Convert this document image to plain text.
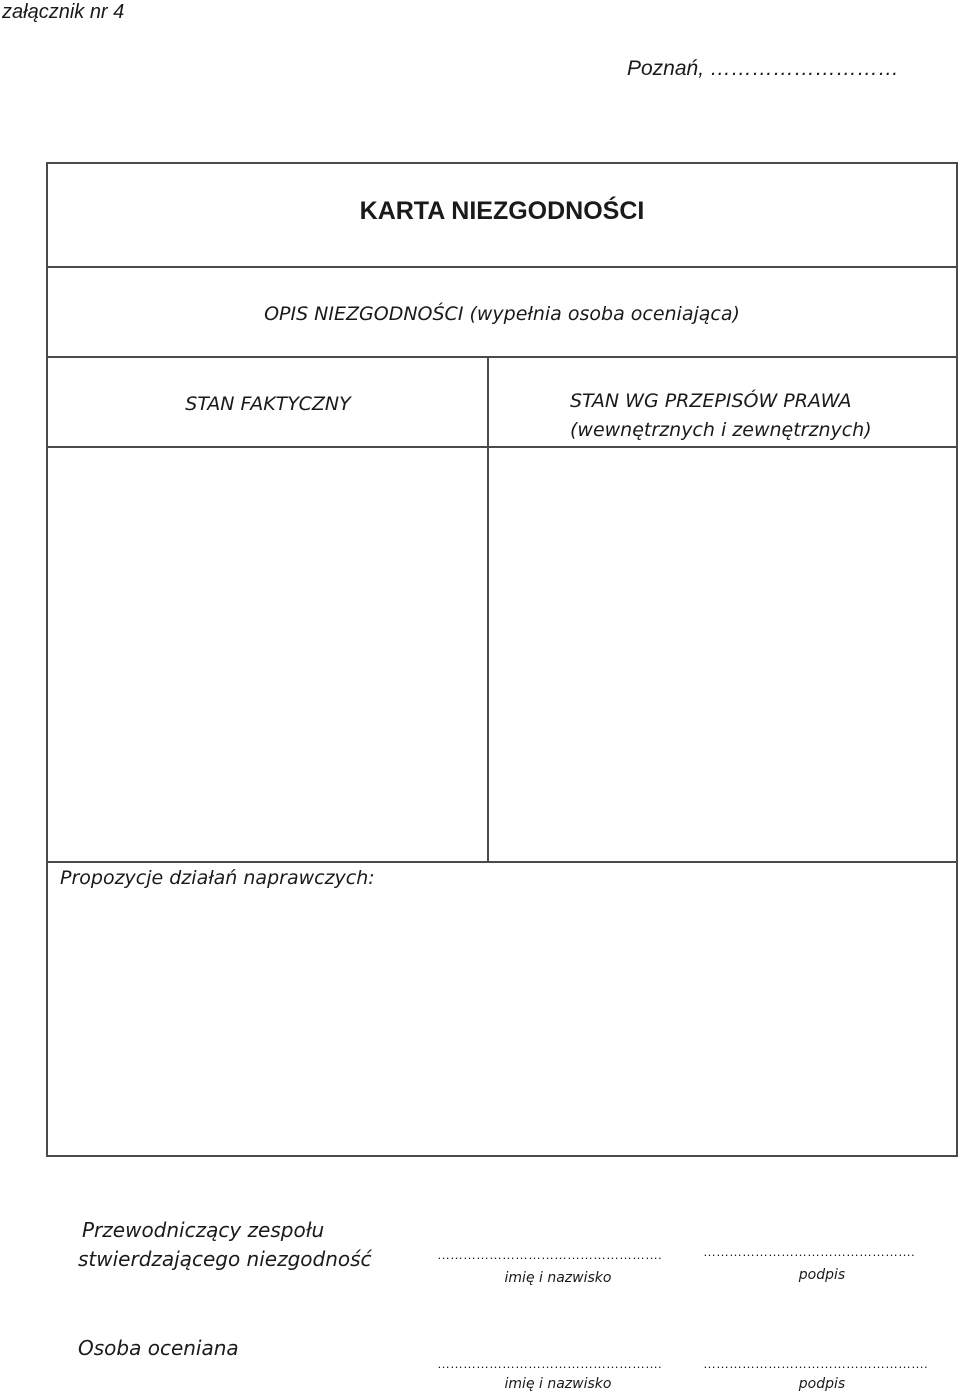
załącznik nr 4
Poznań, ………………………
KARTA NIEZGODNOŚCI
OPIS NIEZGODNOŚCI (wypełnia osoba oceniająca)
STAN FAKTYCZNY	STAN WG PRZEPISÓW PRAWA
(wewnętrznych i zewnętrznych)
Propozycje działań naprawczych:
Przewodniczący zespołu
stwierdzającego niezgodność	…………………………………………….
imię i nazwisko
………………………………………….
podpis
Osoba oceniana
…………………………………………….
imię i nazwisko
…………………………………………….
podpis
